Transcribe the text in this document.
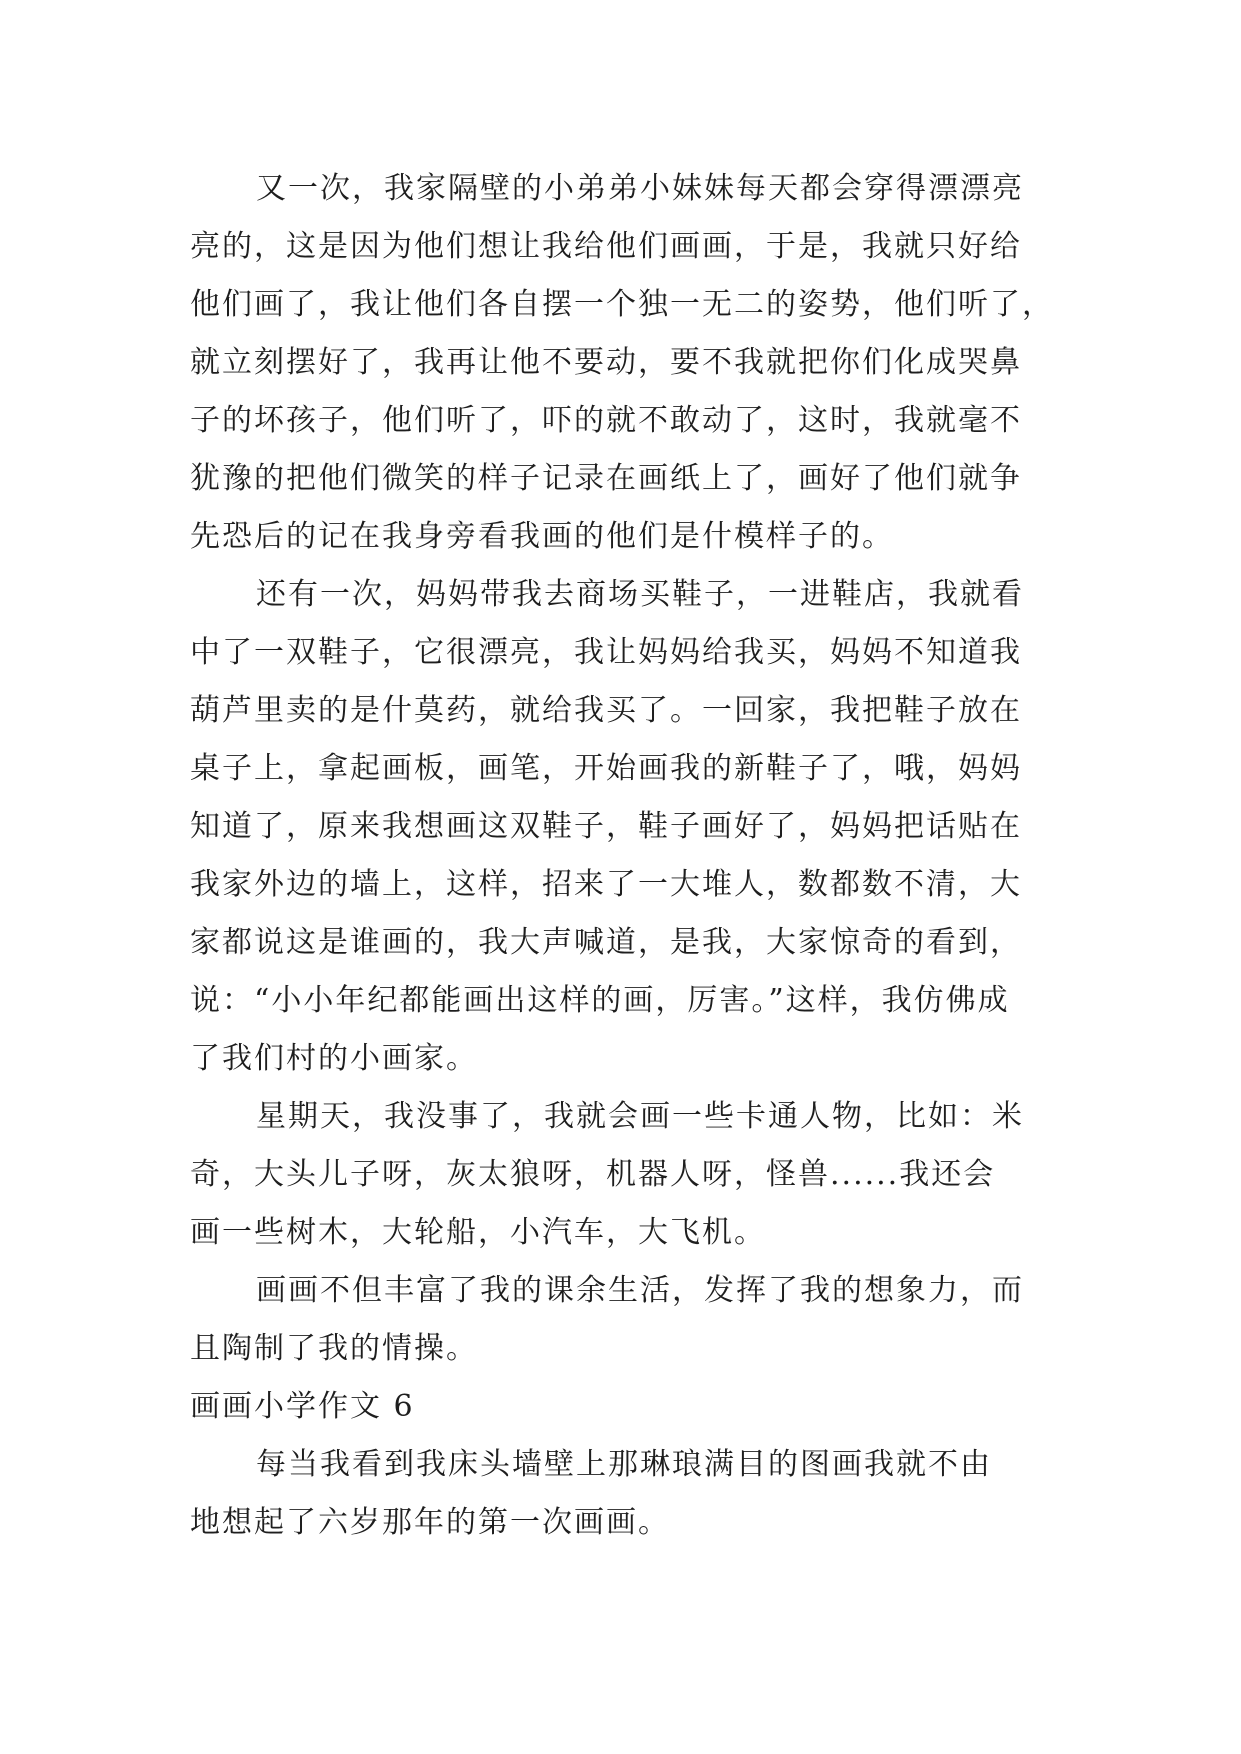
又一次，我家隔壁的小弟弟小妹妹每天都会穿得漂漂亮
亮的，这是因为他们想让我给他们画画，于是，我就只好给
他们画了，我让他们各自摆一个独一无二的姿势，他们听了，
就立刻摆好了，我再让他不要动，要不我就把你们化成哭鼻
子的坏孩子，他们听了，吓的就不敢动了，这时，我就毫不
犹豫的把他们微笑的样子记录在画纸上了，画好了他们就争
先恐后的记在我身旁看我画的他们是什模样子的。
还有一次，妈妈带我去商场买鞋子，一进鞋店，我就看
中了一双鞋子，它很漂亮，我让妈妈给我买，妈妈不知道我
葫芦里卖的是什莫药，就给我买了。一回家，我把鞋子放在
桌子上，拿起画板，画笔，开始画我的新鞋子了，哦，妈妈
知道了，原来我想画这双鞋子，鞋子画好了，妈妈把话贴在
我家外边的墙上，这样，招来了一大堆人，数都数不清，大
家都说这是谁画的，我大声喊道，是我，大家惊奇的看到，
说：“小小年纪都能画出这样的画，厉害。”这样，我仿佛成
了我们村的小画家。
星期天，我没事了，我就会画一些卡通人物，比如：米
奇，大头儿子呀，灰太狼呀，机器人呀，怪兽......我还会
画一些树木，大轮船，小汽车，大飞机。
画画不但丰富了我的课余生活，发挥了我的想象力，而
且陶制了我的情操。
画画小学作文 6
每当我看到我床头墙壁上那琳琅满目的图画我就不由
地想起了六岁那年的第一次画画。
